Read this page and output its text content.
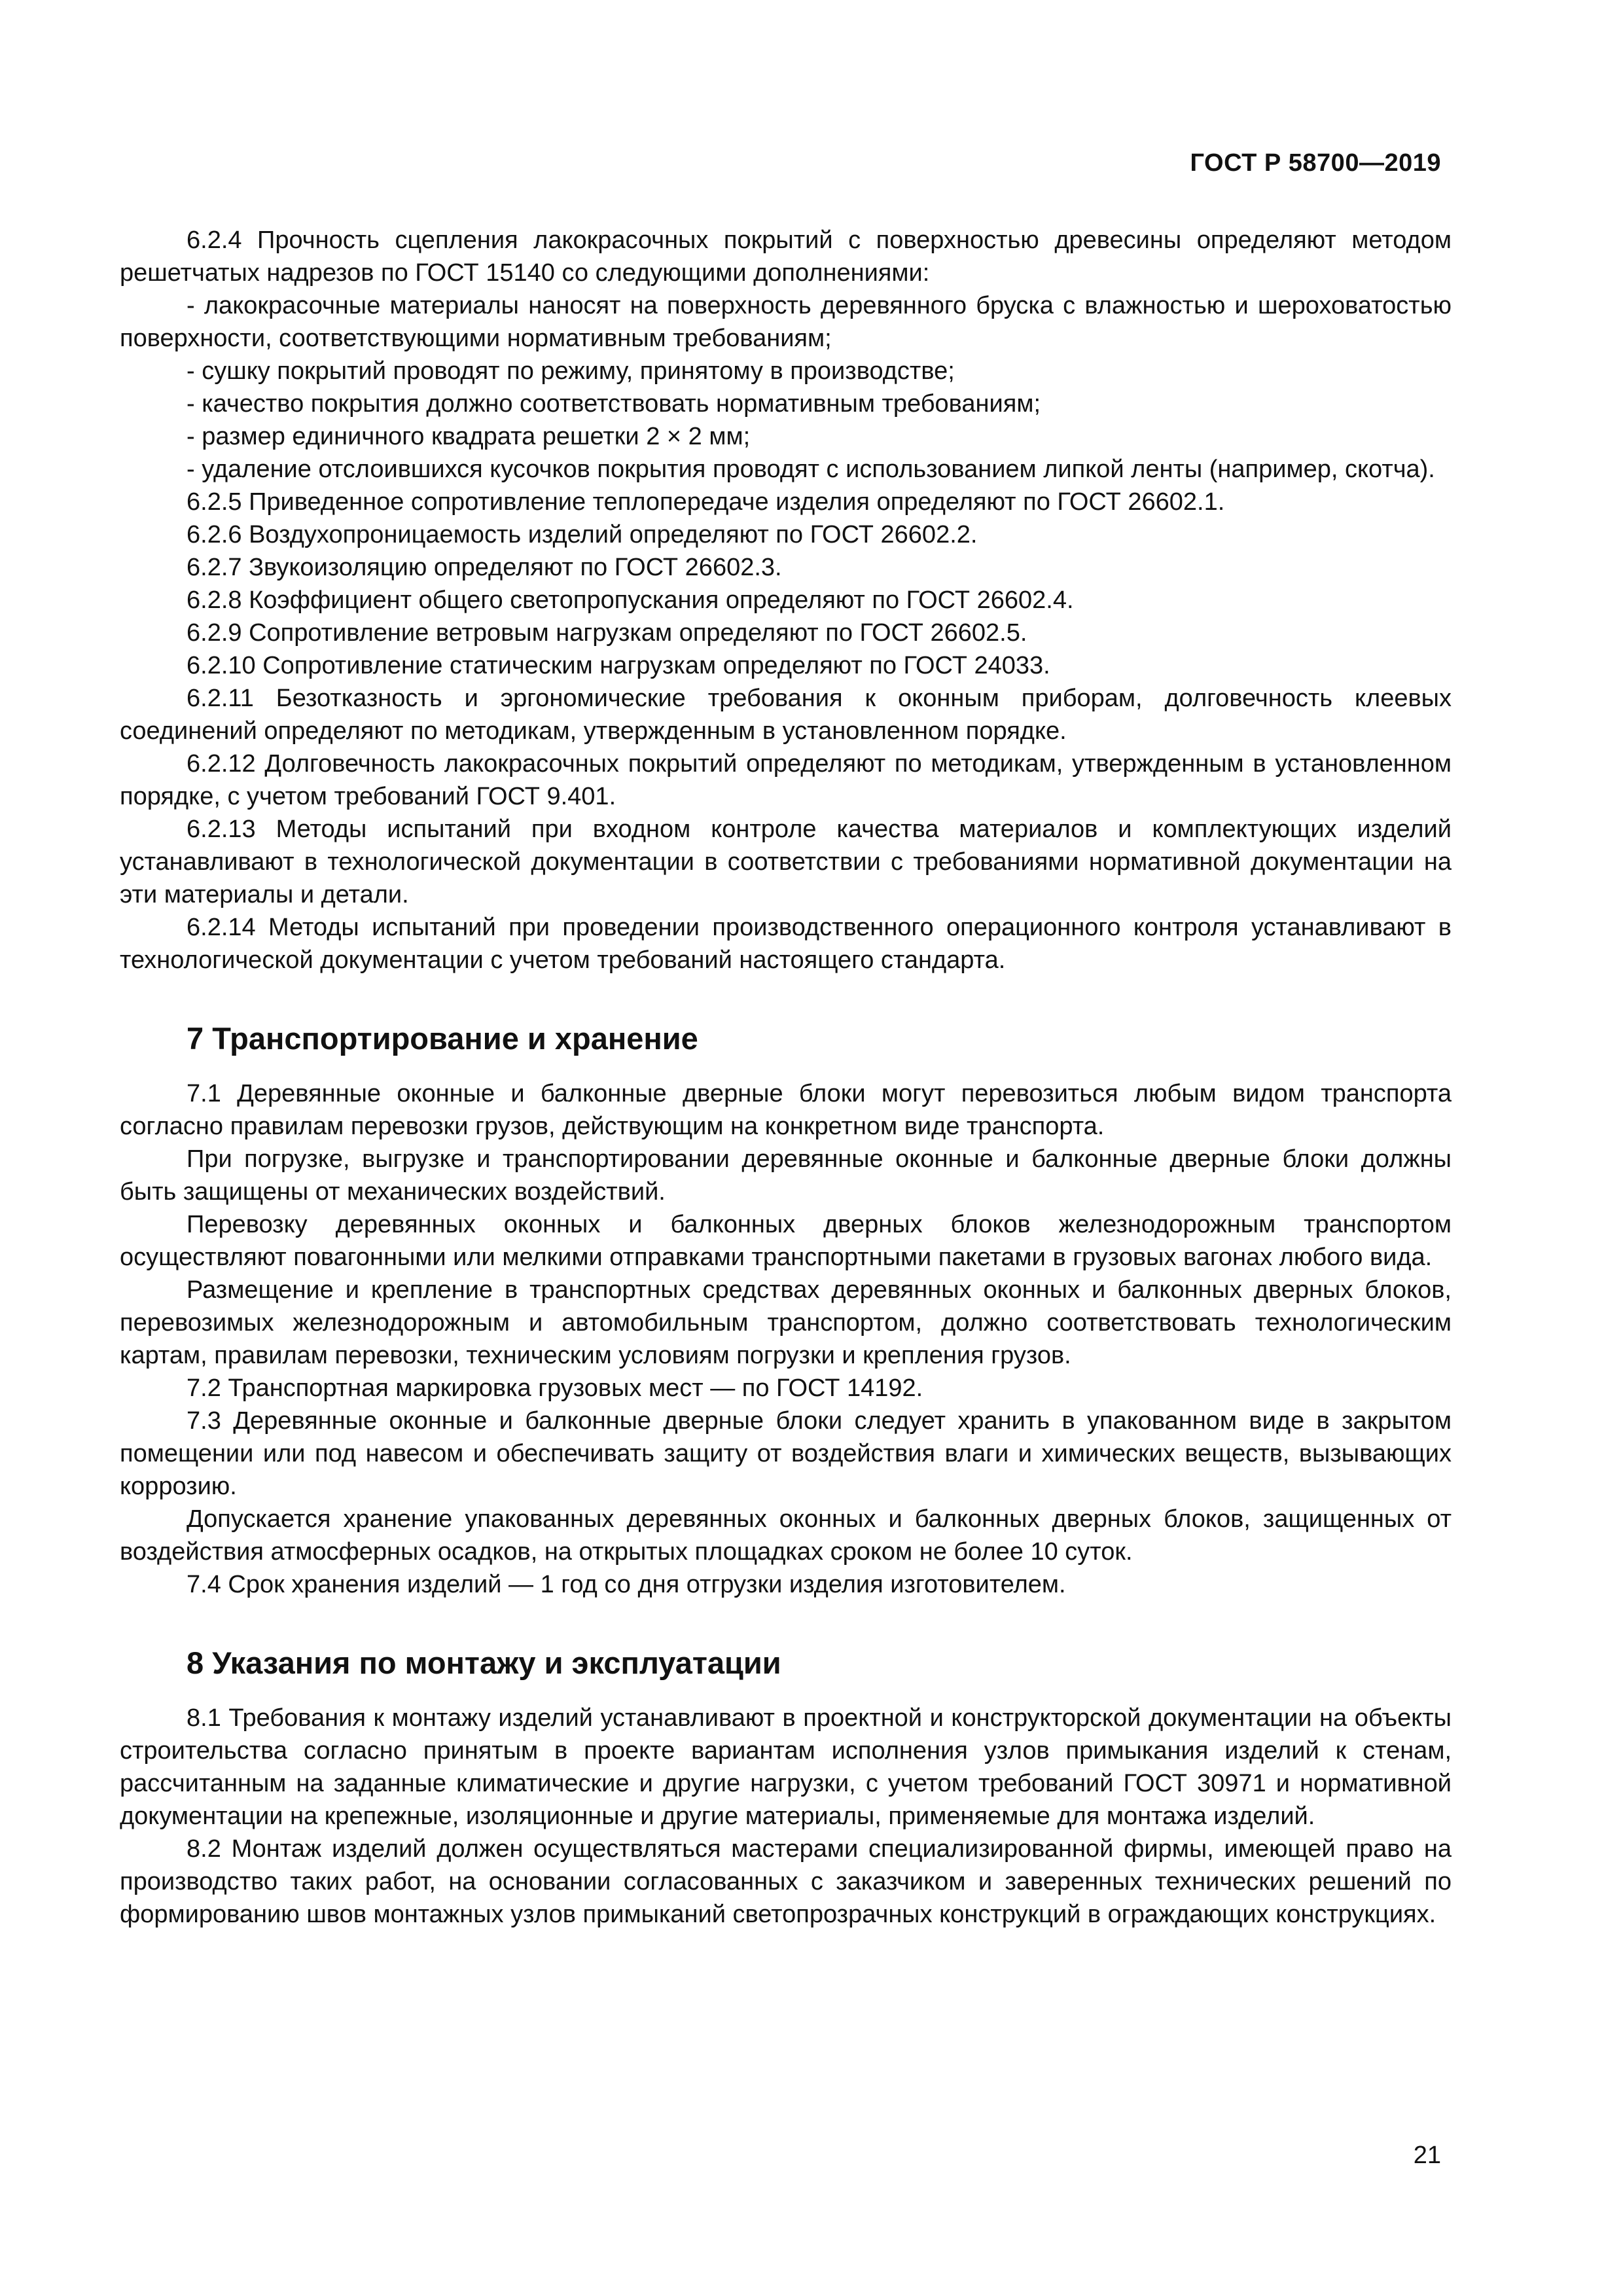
ГОСТ Р 58700—2019

6.2.4 Прочность сцепления лакокрасочных покрытий с поверхностью древесины определяют методом решетчатых надрезов по ГОСТ 15140 со следующими дополнениями:

- лакокрасочные материалы наносят на поверхность деревянного бруска с влажностью и шероховатостью поверхности, соответствующими нормативным требованиям;

- сушку покрытий проводят по режиму, принятому в производстве;

- качество покрытия должно соответствовать нормативным требованиям;

- размер единичного квадрата решетки 2 × 2 мм;

- удаление отслоившихся кусочков покрытия проводят с использованием липкой ленты (например, скотча).

6.2.5 Приведенное сопротивление теплопередаче изделия определяют по ГОСТ 26602.1.

6.2.6 Воздухопроницаемость изделий определяют по ГОСТ 26602.2.

6.2.7 Звукоизоляцию определяют по ГОСТ 26602.3.

6.2.8 Коэффициент общего светопропускания определяют по ГОСТ 26602.4.

6.2.9 Сопротивление ветровым нагрузкам определяют по ГОСТ 26602.5.

6.2.10 Сопротивление статическим нагрузкам определяют по ГОСТ 24033.

6.2.11 Безотказность и эргономические требования к оконным приборам, долговечность клеевых соединений определяют по методикам, утвержденным в установленном порядке.

6.2.12 Долговечность лакокрасочных покрытий определяют по методикам, утвержденным в установленном порядке, с учетом требований ГОСТ 9.401.

6.2.13 Методы испытаний при входном контроле качества материалов и комплектующих изделий устанавливают в технологической документации в соответствии с требованиями нормативной документации на эти материалы и детали.

6.2.14 Методы испытаний при проведении производственного операционного контроля устанавливают в технологической документации с учетом требований настоящего стандарта.

7 Транспортирование и хранение

7.1 Деревянные оконные и балконные дверные блоки могут перевозиться любым видом транспорта согласно правилам перевозки грузов, действующим на конкретном виде транспорта.

При погрузке, выгрузке и транспортировании деревянные оконные и балконные дверные блоки должны быть защищены от механических воздействий.

Перевозку деревянных оконных и балконных дверных блоков железнодорожным транспортом осуществляют повагонными или мелкими отправками транспортными пакетами в грузовых вагонах любого вида.

Размещение и крепление в транспортных средствах деревянных оконных и балконных дверных блоков, перевозимых железнодорожным и автомобильным транспортом, должно соответствовать технологическим картам, правилам перевозки, техническим условиям погрузки и крепления грузов.

7.2 Транспортная маркировка грузовых мест — по ГОСТ 14192.

7.3 Деревянные оконные и балконные дверные блоки следует хранить в упакованном виде в закрытом помещении или под навесом и обеспечивать защиту от воздействия влаги и химических веществ, вызывающих коррозию.

Допускается хранение упакованных деревянных оконных и балконных дверных блоков, защищенных от воздействия атмосферных осадков, на открытых площадках сроком не более 10 суток.

7.4 Срок хранения изделий — 1 год со дня отгрузки изделия изготовителем.

8 Указания по монтажу и эксплуатации

8.1 Требования к монтажу изделий устанавливают в проектной и конструкторской документации на объекты строительства согласно принятым в проекте вариантам исполнения узлов примыкания изделий к стенам, рассчитанным на заданные климатические и другие нагрузки, с учетом требований ГОСТ 30971 и нормативной документации на крепежные, изоляционные и другие материалы, применяемые для монтажа изделий.

8.2 Монтаж изделий должен осуществляться мастерами специализированной фирмы, имеющей право на производство таких работ, на основании согласованных с заказчиком и заверенных технических решений по формированию швов монтажных узлов примыканий светопрозрачных конструкций в ограждающих конструкциях.

21
